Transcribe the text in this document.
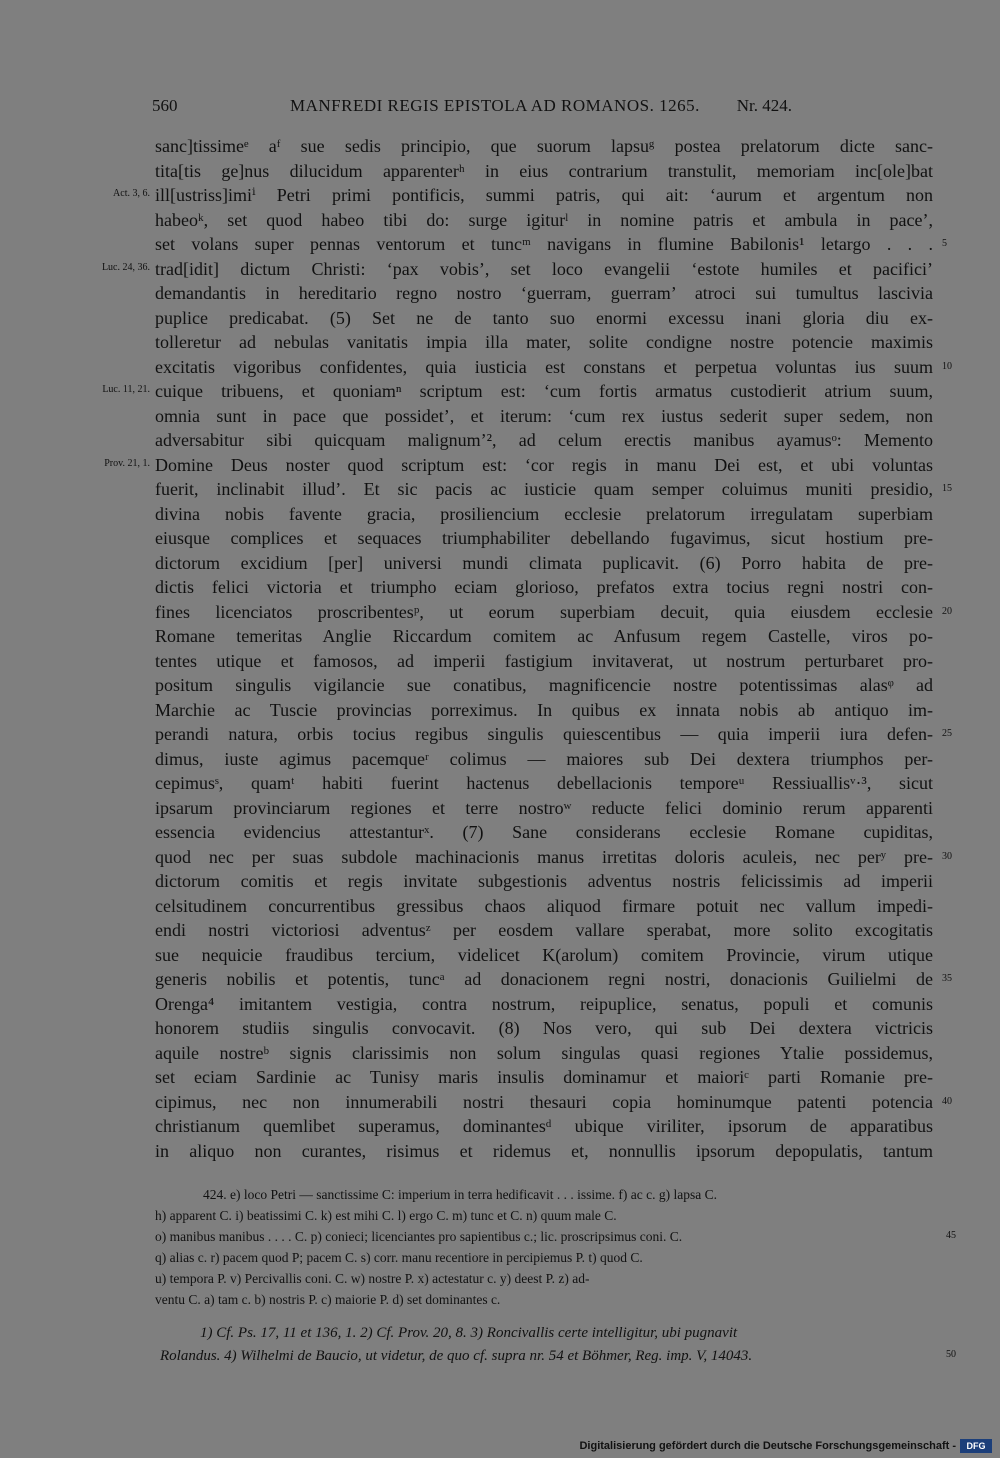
560	MANFREDI REGIS EPISTOLA AD ROMANOS. 1265. Nr. 424.
sanc]tissimeᵉ aᶠ sue sedis principio, que suorum lapsuᵍ postea prelatorum dicte sanc-
tita[tis ge]nus dilucidum apparenterʰ in eius contrarium transtulit, memoriam inc[ole]bat
Act. 3, 6. ill[ustriss]imiⁱ Petri primi pontificis, summi patris, qui ait: ‘aurum et argentum non
habeoᵏ, set quod habeo tibi do: surge igiturˡ in nomine patris et ambula in pace’,
set volans super pennas ventorum et tuncᵐ navigans in flumine Babilonis¹ letargo . . . 5
Luc. 24, 36. trad[idit] dictum Christi: ‘pax vobis’, set loco evangelii ‘estote humiles et pacifici’
demandantis in hereditario regno nostro ‘guerram, guerram’ atroci sui tumultus lascivia
puplice predicabat. (5) Set ne de tanto suo enormi excessu inani gloria diu ex-
tolleretur ad nebulas vanitatis impia illa mater, solite condigne nostre potencie maximis
excitatis vigoribus confidentes, quia iusticia est constans et perpetua voluntas ius suum 10
Luc. 11, 21. cuique tribuens, et quoniamⁿ scriptum est: ‘cum fortis armatus custodierit atrium suum,
omnia sunt in pace que possidet’, et iterum: ‘cum rex iustus sederit super sedem, non
adversabitur sibi quicquam malignum’², ad celum erectis manibus ayamusᵒ: Memento
Prov. 21, 1. Domine Deus noster quod scriptum est: ‘cor regis in manu Dei est, et ubi voluntas
fuerit, inclinabit illud’. Et sic pacis ac iusticie quam semper coluimus muniti presidio, 15
divina nobis favente gracia, prosiliencium ecclesie prelatorum irregulatam superbiam
eiusque complices et sequaces triumphabiliter debellando fugavimus, sicut hostium pre-
dictorum excidium [per] universi mundi climata puplicavit. (6) Porro habita de pre-
dictis felici victoria et triumpho eciam glorioso, prefatos extra tocius regni nostri con-
fines licenciatos proscribentesᵖ, ut eorum superbiam decuit, quia eiusdem ecclesie 20
Romane temeritas Anglie Riccardum comitem ac Anfusum regem Castelle, viros po-
tentes utique et famosos, ad imperii fastigium invitaverat, ut nostrum perturbaret pro-
positum singulis vigilancie sue conatibus, magnificencie nostre potentissimas alasᵠ ad
Marchie ac Tuscie provincias porreximus. In quibus ex innata nobis ab antiquo im-
perandi natura, orbis tocius regibus singulis quiescentibus — quia imperii iura defen- 25
dimus, iuste agimus pacemqueʳ colimus — maiores sub Dei dextera triumphos per-
cepimusˢ, quamᵗ habiti fuerint hactenus debellacionis temporeᵘ Ressiuallisᵛ·³, sicut
ipsarum provinciarum regiones et terre nostroʷ reducte felici dominio rerum apparenti
essencia evidencius attestanturˣ. (7) Sane considerans ecclesie Romane cupiditas,
quod nec per suas subdole machinacionis manus irretitas doloris aculeis, nec perʸ pre- 30
dictorum comitis et regis invitate subgestionis adventus nostris felicissimis ad imperii
celsitudinem concurrentibus gressibus chaos aliquod firmare potuit nec vallum impedi-
endi nostri victoriosi adventusᶻ per eosdem vallare sperabat, more solito excogitatis
sue nequicie fraudibus tercium, videlicet K(arolum) comitem Provincie, virum utique
generis nobilis et potentis, tuncᵃ ad donacionem regni nostri, donacionis Guilielmi de 35
Orenga⁴ imitantem vestigia, contra nostrum, reipuplice, senatus, populi et comunis
honorem studiis singulis convocavit. (8) Nos vero, qui sub Dei dextera victricis
aquile nostreᵇ signis clarissimis non solum singulas quasi regiones Ytalie possidemus,
set eciam Sardinie ac Tunisy maris insulis dominamur et maioriᶜ parti Romanie pre-
cipimus, nec non innumerabili nostri thesauri copia hominumque patenti potencia 40
christianum quemlibet superamus, dominantesᵈ ubique viriliter, ipsorum de apparatibus
in aliquo non curantes, risimus et ridemus et, nonnullis ipsorum depopulatis, tantum
424. e) loco Petri — sanctissime C: imperium in terra hedificavit . . . issime. f) ac c. g) lapsa C.
h) apparent C. i) beatissimi C. k) est mihi C. l) ergo C. m) tunc et C. n) quum male C.
o) manibus manibus . . . . C. p) conieci; licenciantes pro sapientibus c.; lic. proscripsimus coni. C.	45
q) alias c. r) pacem quod P; pacem C. s) corr. manu recentiore in percipiemus P. t) quod C.
u) tempora P. v) Percivallis coni. C. w) nostre P. x) actestatur c. y) deest P. z) ad-
ventu C. a) tam c. b) nostris P. c) maiorie P. d) set dominantes c.
1) Cf. Ps. 17, 11 et 136, 1. 2) Cf. Prov. 20, 8. 3) Roncivallis certe intelligitur, ubi pugnavit
Rolandus. 4) Wilhelmi de Baucio, ut videtur, de quo cf. supra nr. 54 et Böhmer, Reg. imp. V, 14043.	50
Digitalisierung gefördert durch die Deutsche Forschungsgemeinschaft -	DFG
